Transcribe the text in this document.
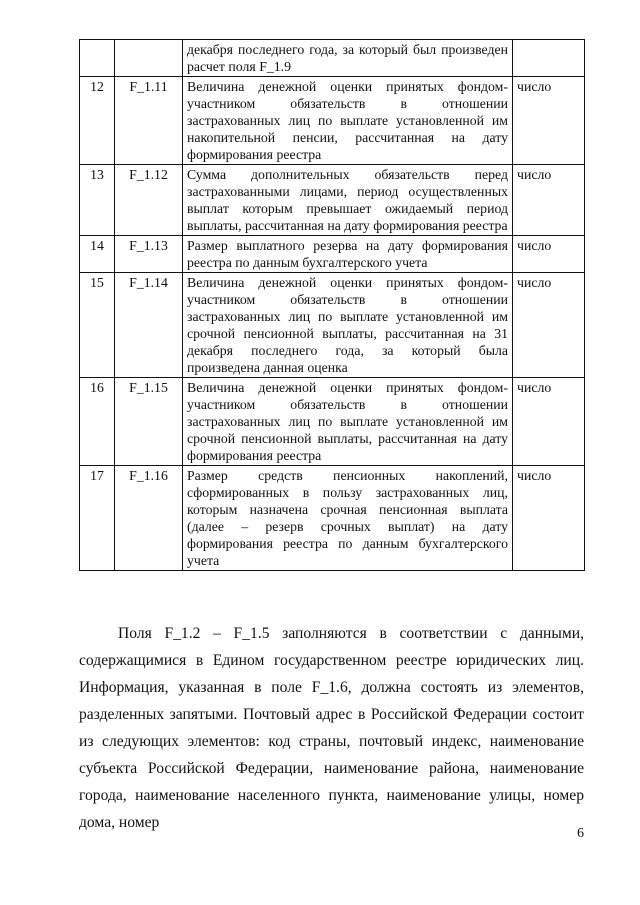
		декабря последнего года, за который был произведен расчет поля F_1.9	
12	F_1.11	Величина денежной оценки принятых фондом-участником обязательств в отношении застрахованных лиц по выплате установленной им накопительной пенсии, рассчитанная на дату формирования реестра	число
13	F_1.12	Сумма дополнительных обязательств перед застрахованными лицами, период осуществленных выплат которым превышает ожидаемый период выплаты, рассчитанная на дату формирования реестра	число
14	F_1.13	Размер выплатного резерва на дату формирования реестра по данным бухгалтерского учета	число
15	F_1.14	Величина денежной оценки принятых фондом-участником обязательств в отношении застрахованных лиц по выплате установленной им срочной пенсионной выплаты, рассчитанная на 31 декабря последнего года, за который была произведена данная оценка	число
16	F_1.15	Величина денежной оценки принятых фондом-участником обязательств в отношении застрахованных лиц по выплате установленной им срочной пенсионной выплаты, рассчитанная на дату формирования реестра	число
17	F_1.16	Размер средств пенсионных накоплений, сформированных в пользу застрахованных лиц, которым назначена срочная пенсионная выплата (далее – резерв срочных выплат) на дату формирования реестра по данным бухгалтерского учета	число

Поля F_1.2 – F_1.5 заполняются в соответствии с данными, содержащимися в Едином государственном реестре юридических лиц. Информация, указанная в поле F_1.6, должна состоять из элементов, разделенных запятыми. Почтовый адрес в Российской Федерации состоит из следующих элементов: код страны, почтовый индекс, наименование субъекта Российской Федерации, наименование района, наименование города, наименование населенного пункта, наименование улицы, номер дома, номер

6
